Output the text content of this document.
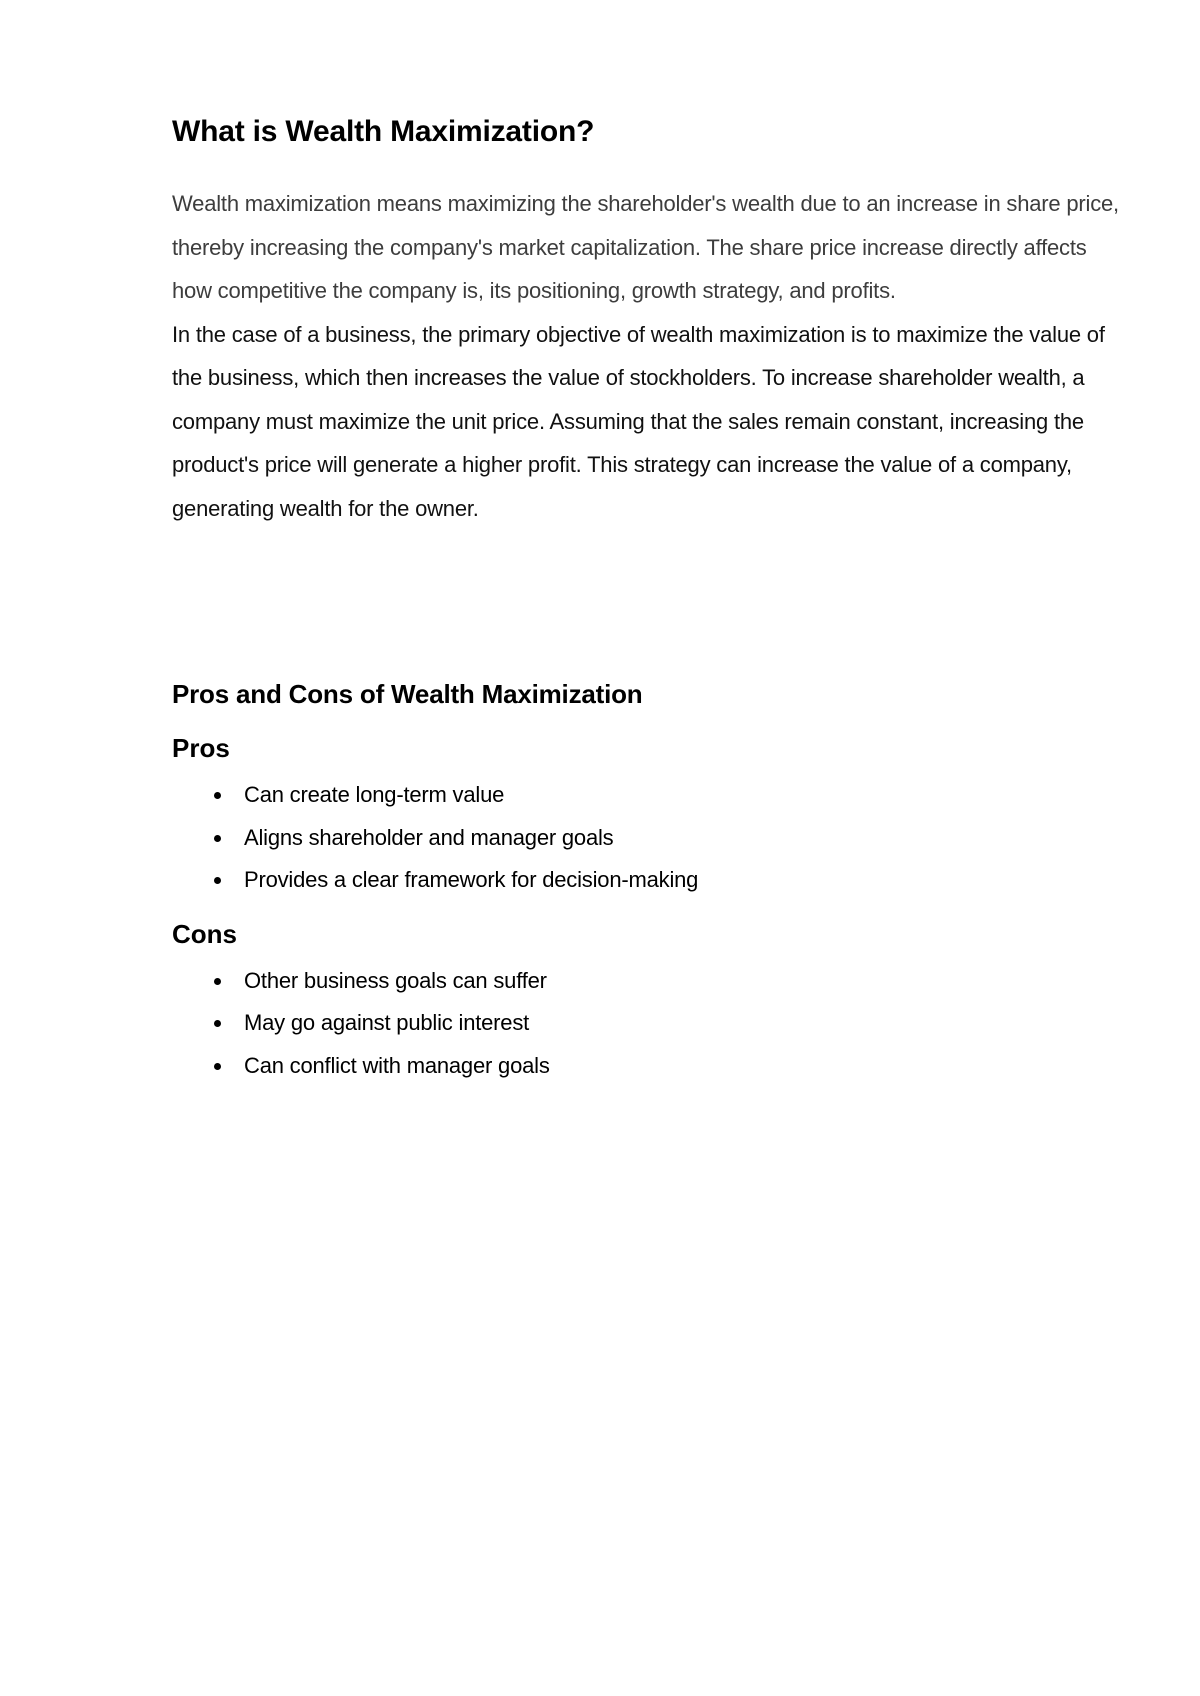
What is Wealth Maximization?

Wealth maximization means maximizing the shareholder's wealth due to an increase in share price, thereby increasing the company's market capitalization. The share price increase directly affects how competitive the company is, its positioning, growth strategy, and profits.

In the case of a business, the primary objective of wealth maximization is to maximize the value of the business, which then increases the value of stockholders. To increase shareholder wealth, a company must maximize the unit price. Assuming that the sales remain constant, increasing the product's price will generate a higher profit. This strategy can increase the value of a company, generating wealth for the owner.

Pros and Cons of Wealth Maximization
Pros
Can create long-term value
Aligns shareholder and manager goals
Provides a clear framework for decision-making
Cons
Other business goals can suffer
May go against public interest
Can conflict with manager goals
